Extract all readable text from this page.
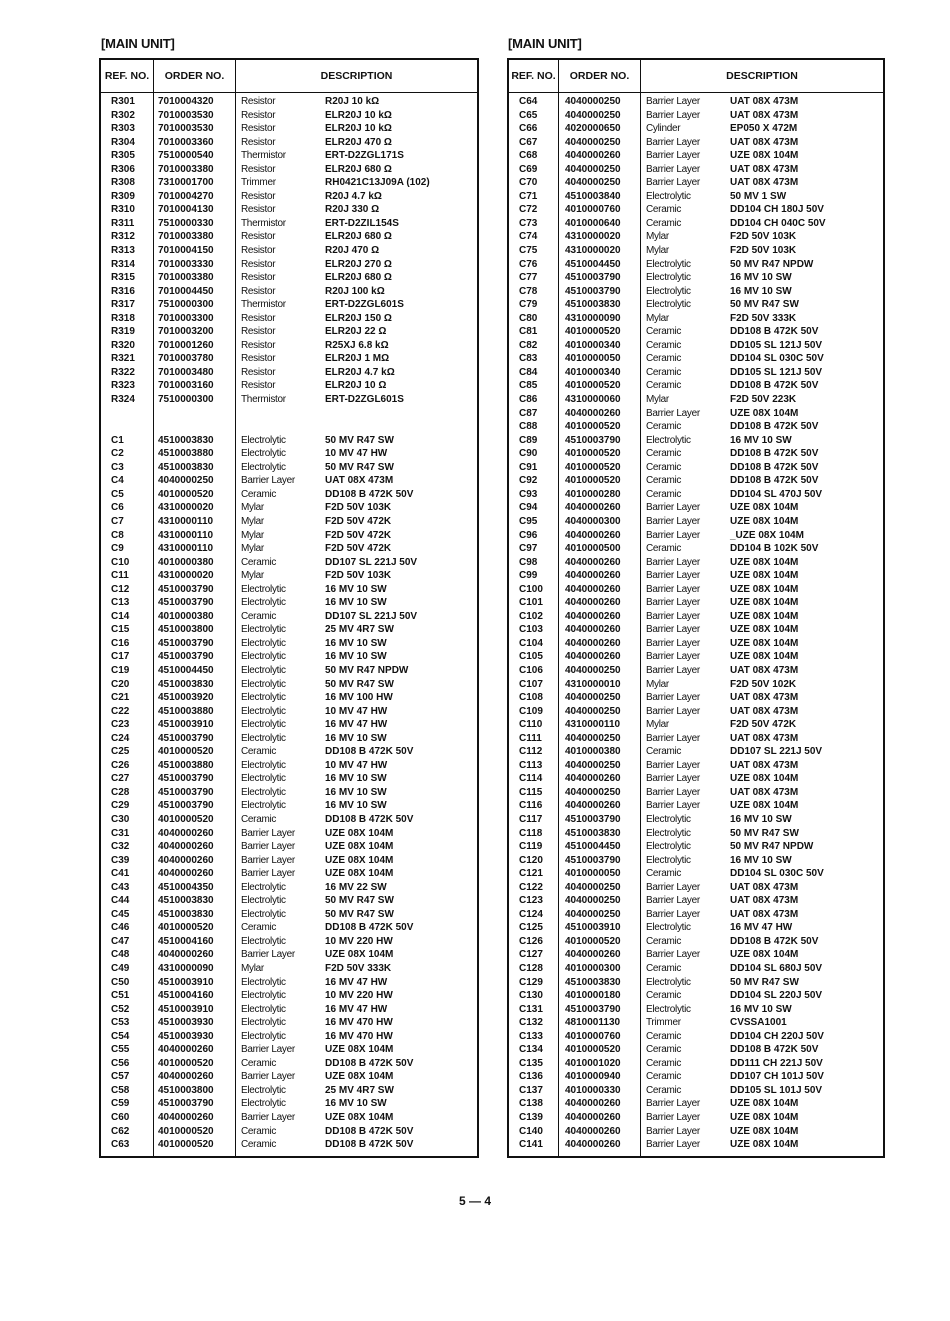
[MAIN UNIT]	[MAIN UNIT]
REF. NO.	ORDER NO.	DESCRIPTION
R301 7010004320	Resistor	R20J 10 kΩ
R302 7010003530	Resistor	ELR20J 10 kΩ
R303 7010003530	Resistor	ELR20J 10 kΩ
R304 7010003360	Resistor	ELR20J 470 Ω
R305 7510000540	Thermistor	ERT-D2ZGL171S
R306 7010003380	Resistor	ELR20J 680 Ω
R308 7310001700	Trimmer	RH0421C13J09A (102)
R309 7010004270	Resistor	R20J 4.7 kΩ
R310 7010004130	Resistor	R20J 330 Ω
R311 7510000330	Thermistor	ERT-D2ZIL154S
R312 7010003380	Resistor	ELR20J 680 Ω
R313 7010004150	Resistor	R20J 470 Ω
R314 7010003330	Resistor	ELR20J 270 Ω
R315 7010003380	Resistor	ELR20J 680 Ω
R316 7010004450	Resistor	R20J 100 kΩ
R317 7510000300	Thermistor	ERT-D2ZGL601S
R318 7010003300	Resistor	ELR20J 150 Ω
R319 7010003200	Resistor	ELR20J 22 Ω
R320 7010001260	Resistor	R25XJ 6.8 kΩ
R321 7010003780	Resistor	ELR20J 1 MΩ
R322 7010003480	Resistor	ELR20J 4.7 kΩ
R323 7010003160	Resistor	ELR20J 10 Ω
R324 7510000300	Thermistor	ERT-D2ZGL601S
C1	4510003830	Electrolytic	50 MV R47 SW
C2	4510003880	Electrolytic	10 MV 47 HW
C3	4510003830	Electrolytic	50 MV R47 SW
C4	4040000250	Barrier Layer	UAT 08X 473M
C5	4010000520	Ceramic	DD108 B 472K 50V
C6	4310000020	Mylar	F2D 50V 103K
C7	4310000110	Mylar	F2D 50V 472K
C8	4310000110	Mylar	F2D 50V 472K
C9	4310000110	Mylar	F2D 50V 472K
C10	4010000380	Ceramic	DD107 SL 221J 50V
C11	4310000020	Mylar	F2D 50V 103K
C12	4510003790	Electrolytic	16 MV 10 SW
C13	4510003790	Electrolytic	16 MV 10 SW
C14	4010000380	Ceramic	DD107 SL 221J 50V
C15	4510003800	Electrolytic	25 MV 4R7 SW
C16	4510003790	Electrolytic	16 MV 10 SW
C17	4510003790	Electrolytic	16 MV 10 SW
C19	4510004450	Electrolytic	50 MV R47 NPDW
C20	4510003830	Electrolytic	50 MV R47 SW
C21	4510003920	Electrolytic	16 MV 100 HW
C22	4510003880	Electrolytic	10 MV 47 HW
C23	4510003910	Electrolytic	16 MV 47 HW
C24	4510003790	Electrolytic	16 MV 10 SW
C25	4010000520	Ceramic	DD108 B 472K 50V
C26	4510003880	Electrolytic	10 MV 47 HW
C27	4510003790	Electrolytic	16 MV 10 SW
C28	4510003790	Electrolytic	16 MV 10 SW
C29	4510003790	Electrolytic	16 MV 10 SW
C30	4010000520	Ceramic	DD108 B 472K 50V
C31	4040000260	Barrier Layer	UZE 08X 104M
C32	4040000260	Barrier Layer	UZE 08X 104M
C39	4040000260	Barrier Layer	UZE 08X 104M
C41	4040000260	Barrier Layer	UZE 08X 104M
C43	4510004350	Electrolytic	16 MV 22 SW
C44	4510003830	Electrolytic	50 MV R47 SW
C45	4510003830	Electrolytic	50 MV R47 SW
C46	4010000520	Ceramic	DD108 B 472K 50V
C47	4510004160	Electrolytic	10 MV 220 HW
C48	4040000260	Barrier Layer	UZE 08X 104M
C49	4310000090	Mylar	F2D 50V 333K
C50	4510003910	Electrolytic	16 MV 47 HW
C51	4510004160	Electrolytic	10 MV 220 HW
C52	4510003910	Electrolytic	16 MV 47 HW
C53	4510003930	Electrolytic	16 MV 470 HW
C54	4510003930	Electrolytic	16 MV 470 HW
C55	4040000260	Barrier Layer	UZE 08X 104M
C56	4010000520	Ceramic	DD108 B 472K 50V
C57	4040000260	Barrier Layer	UZE 08X 104M
C58	4510003800	Electrolytic	25 MV 4R7 SW
C59	4510003790	Electrolytic	16 MV 10 SW
C60	4040000260	Barrier Layer	UZE 08X 104M
C62	4010000520	Ceramic	DD108 B 472K 50V
C63	4010000520	Ceramic	DD108 B 472K 50V
REF. NO.	ORDER NO.	DESCRIPTION
C64	4040000250	Barrier Layer	UAT 08X 473M
C65	4040000250	Barrier Layer	UAT 08X 473M
C66	4020000650	Cylinder	EP050 X 472M
C67	4040000250	Barrier Layer	UAT 08X 473M
C68	4040000260	Barrier Layer	UZE 08X 104M
C69	4040000250	Barrier Layer	UAT 08X 473M
C70	4040000250	Barrier Layer	UAT 08X 473M
C71	4510003840	Electrolytic	50 MV 1 SW
C72	4010000760	Ceramic	DD104 CH 180J 50V
C73	4010000640	Ceramic	DD104 CH 040C 50V
C74	4310000020	Mylar	F2D 50V 103K
C75	4310000020	Mylar	F2D 50V 103K
C76	4510004450	Electrolytic	50 MV R47 NPDW
C77	4510003790	Electrolytic	16 MV 10 SW
C78	4510003790	Electrolytic	16 MV 10 SW
C79	4510003830	Electrolytic	50 MV R47 SW
C80	4310000090	Mylar	F2D 50V 333K
C81	4010000520	Ceramic	DD108 B 472K 50V
C82	4010000340	Ceramic	DD105 SL 121J 50V
C83	4010000050	Ceramic	DD104 SL 030C 50V
C84	4010000340	Ceramic	DD105 SL 121J 50V
C85	4010000520	Ceramic	DD108 B 472K 50V
C86	4310000060	Mylar	F2D 50V 223K
C87	4040000260	Barrier Layer	UZE 08X 104M
C88	4010000520	Ceramic	DD108 B 472K 50V
C89	4510003790	Electrolytic	16 MV 10 SW
C90	4010000520	Ceramic	DD108 B 472K 50V
C91	4010000520	Ceramic	DD108 B 472K 50V
C92	4010000520	Ceramic	DD108 B 472K 50V
C93	4010000280	Ceramic	DD104 SL 470J 50V
C94	4040000260	Barrier Layer	UZE 08X 104M
C95	4040000300	Barrier Layer	UZE 08X 104M
C96	4040000260	Barrier Layer	_UZE 08X 104M
C97	4010000500	Ceramic	DD104 B 102K 50V
C98	4040000260	Barrier Layer	UZE 08X 104M
C99	4040000260	Barrier Layer	UZE 08X 104M
C100 4040000260	Barrier Layer	UZE 08X 104M
C101 4040000260	Barrier Layer	UZE 08X 104M
C102 4040000260	Barrier Layer	UZE 08X 104M
C103 4040000260	Barrier Layer	UZE 08X 104M
C104 4040000260	Barrier Layer	UZE 08X 104M
C105 4040000260	Barrier Layer	UZE 08X 104M
C106 4040000250	Barrier Layer	UAT 08X 473M
C107 4310000010	Mylar	F2D 50V 102K
C108 4040000250	Barrier Layer	UAT 08X 473M
C109 4040000250	Barrier Layer	UAT 08X 473M
C110 4310000110	Mylar	F2D 50V 472K
C111 4040000250	Barrier Layer	UAT 08X 473M
C112 4010000380	Ceramic	DD107 SL 221J 50V
C113 4040000250	Barrier Layer	UAT 08X 473M
C114 4040000260	Barrier Layer	UZE 08X 104M
C115 4040000250	Barrier Layer	UAT 08X 473M
C116 4040000260	Barrier Layer	UZE 08X 104M
C117 4510003790	Electrolytic	16 MV 10 SW
C118 4510003830	Electrolytic	50 MV R47 SW
C119 4510004450	Electrolytic	50 MV R47 NPDW
C120 4510003790	Electrolytic	16 MV 10 SW
C121 4010000050	Ceramic	DD104 SL 030C 50V
C122 4040000250	Barrier Layer	UAT 08X 473M
C123 4040000250	Barrier Layer	UAT 08X 473M
C124 4040000250	Barrier Layer	UAT 08X 473M
C125 4510003910	Electrolytic	16 MV 47 HW
C126 4010000520	Ceramic	DD108 B 472K 50V
C127 4040000260	Barrier Layer	UZE 08X 104M
C128 4010000300	Ceramic	DD104 SL 680J 50V
C129 4510003830	Electrolytic	50 MV R47 SW
C130 4010000180	Ceramic	DD104 SL 220J 50V
C131 4510003790	Electrolytic	16 MV 10 SW
C132 4810001130	Trimmer	CVSSA1001
C133 4010000760	Ceramic	DD104 CH 220J 50V
C134 4010000520	Ceramic	DD108 B 472K 50V
C135 4010001020	Ceramic	DD111 CH 221J 50V
C136 4010000940	Ceramic	DD107 CH 101J 50V
C137 4010000330	Ceramic	DD105 SL 101J 50V
C138 4040000260	Barrier Layer	UZE 08X 104M
C139 4040000260	Barrier Layer	UZE 08X 104M
C140 4040000260	Barrier Layer	UZE 08X 104M
C141 4040000260	Barrier Layer	UZE 08X 104M
5 — 4
